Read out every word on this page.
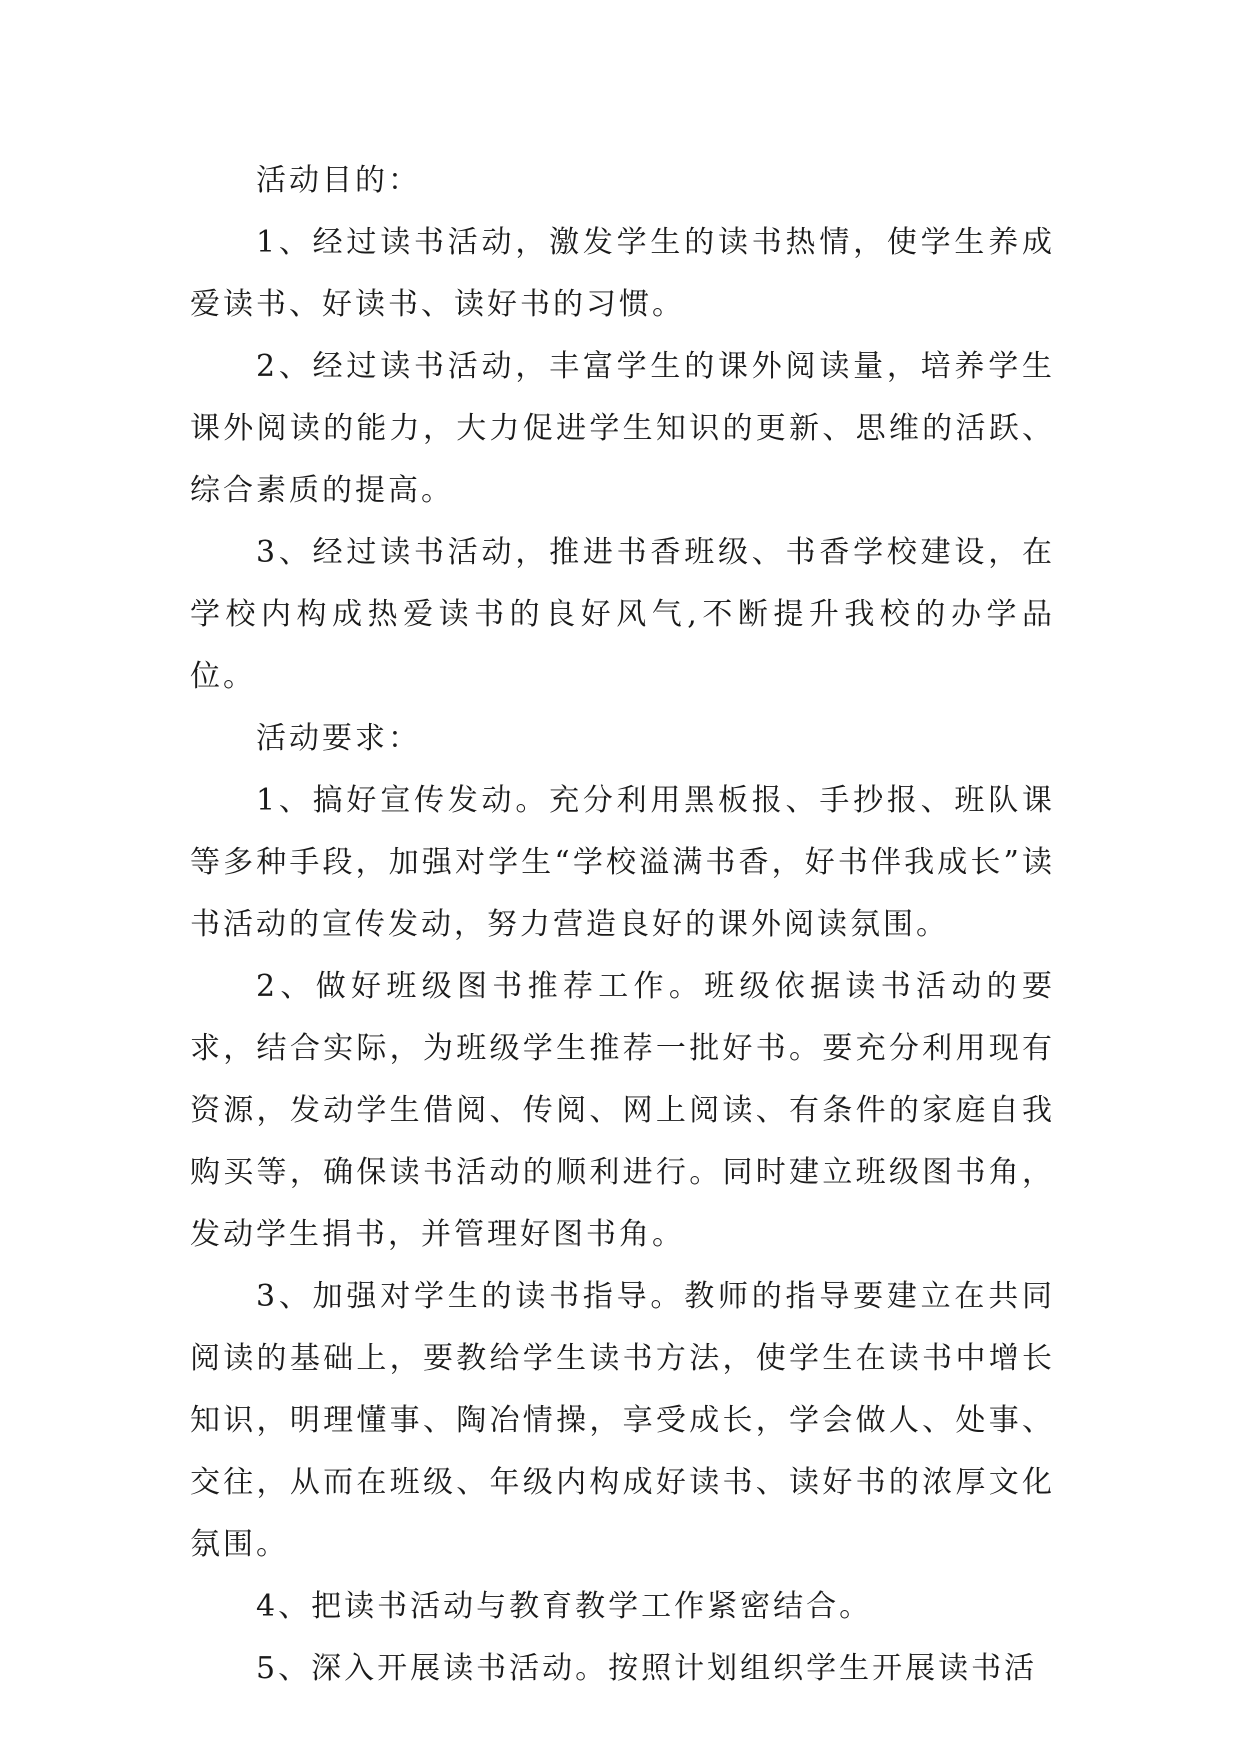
活动目的：

1、经过读书活动，激发学生的读书热情，使学生养成爱读书、好读书、读好书的习惯。

2、经过读书活动，丰富学生的课外阅读量，培养学生课外阅读的能力，大力促进学生知识的更新、思维的活跃、综合素质的提高。

3、经过读书活动，推进书香班级、书香学校建设，在学校内构成热爱读书的良好风气,不断提升我校的办学品位。

活动要求：

1、搞好宣传发动。充分利用黑板报、手抄报、班队课等多种手段，加强对学生“学校溢满书香，好书伴我成长”读书活动的宣传发动，努力营造良好的课外阅读氛围。

2、做好班级图书推荐工作。班级依据读书活动的要求，结合实际，为班级学生推荐一批好书。要充分利用现有资源，发动学生借阅、传阅、网上阅读、有条件的家庭自我购买等，确保读书活动的顺利进行。同时建立班级图书角，发动学生捐书，并管理好图书角。

3、加强对学生的读书指导。教师的指导要建立在共同阅读的基础上，要教给学生读书方法，使学生在读书中增长知识，明理懂事、陶冶情操，享受成长，学会做人、处事、交往，从而在班级、年级内构成好读书、读好书的浓厚文化氛围。

4、把读书活动与教育教学工作紧密结合。

5、深入开展读书活动。按照计划组织学生开展读书活
